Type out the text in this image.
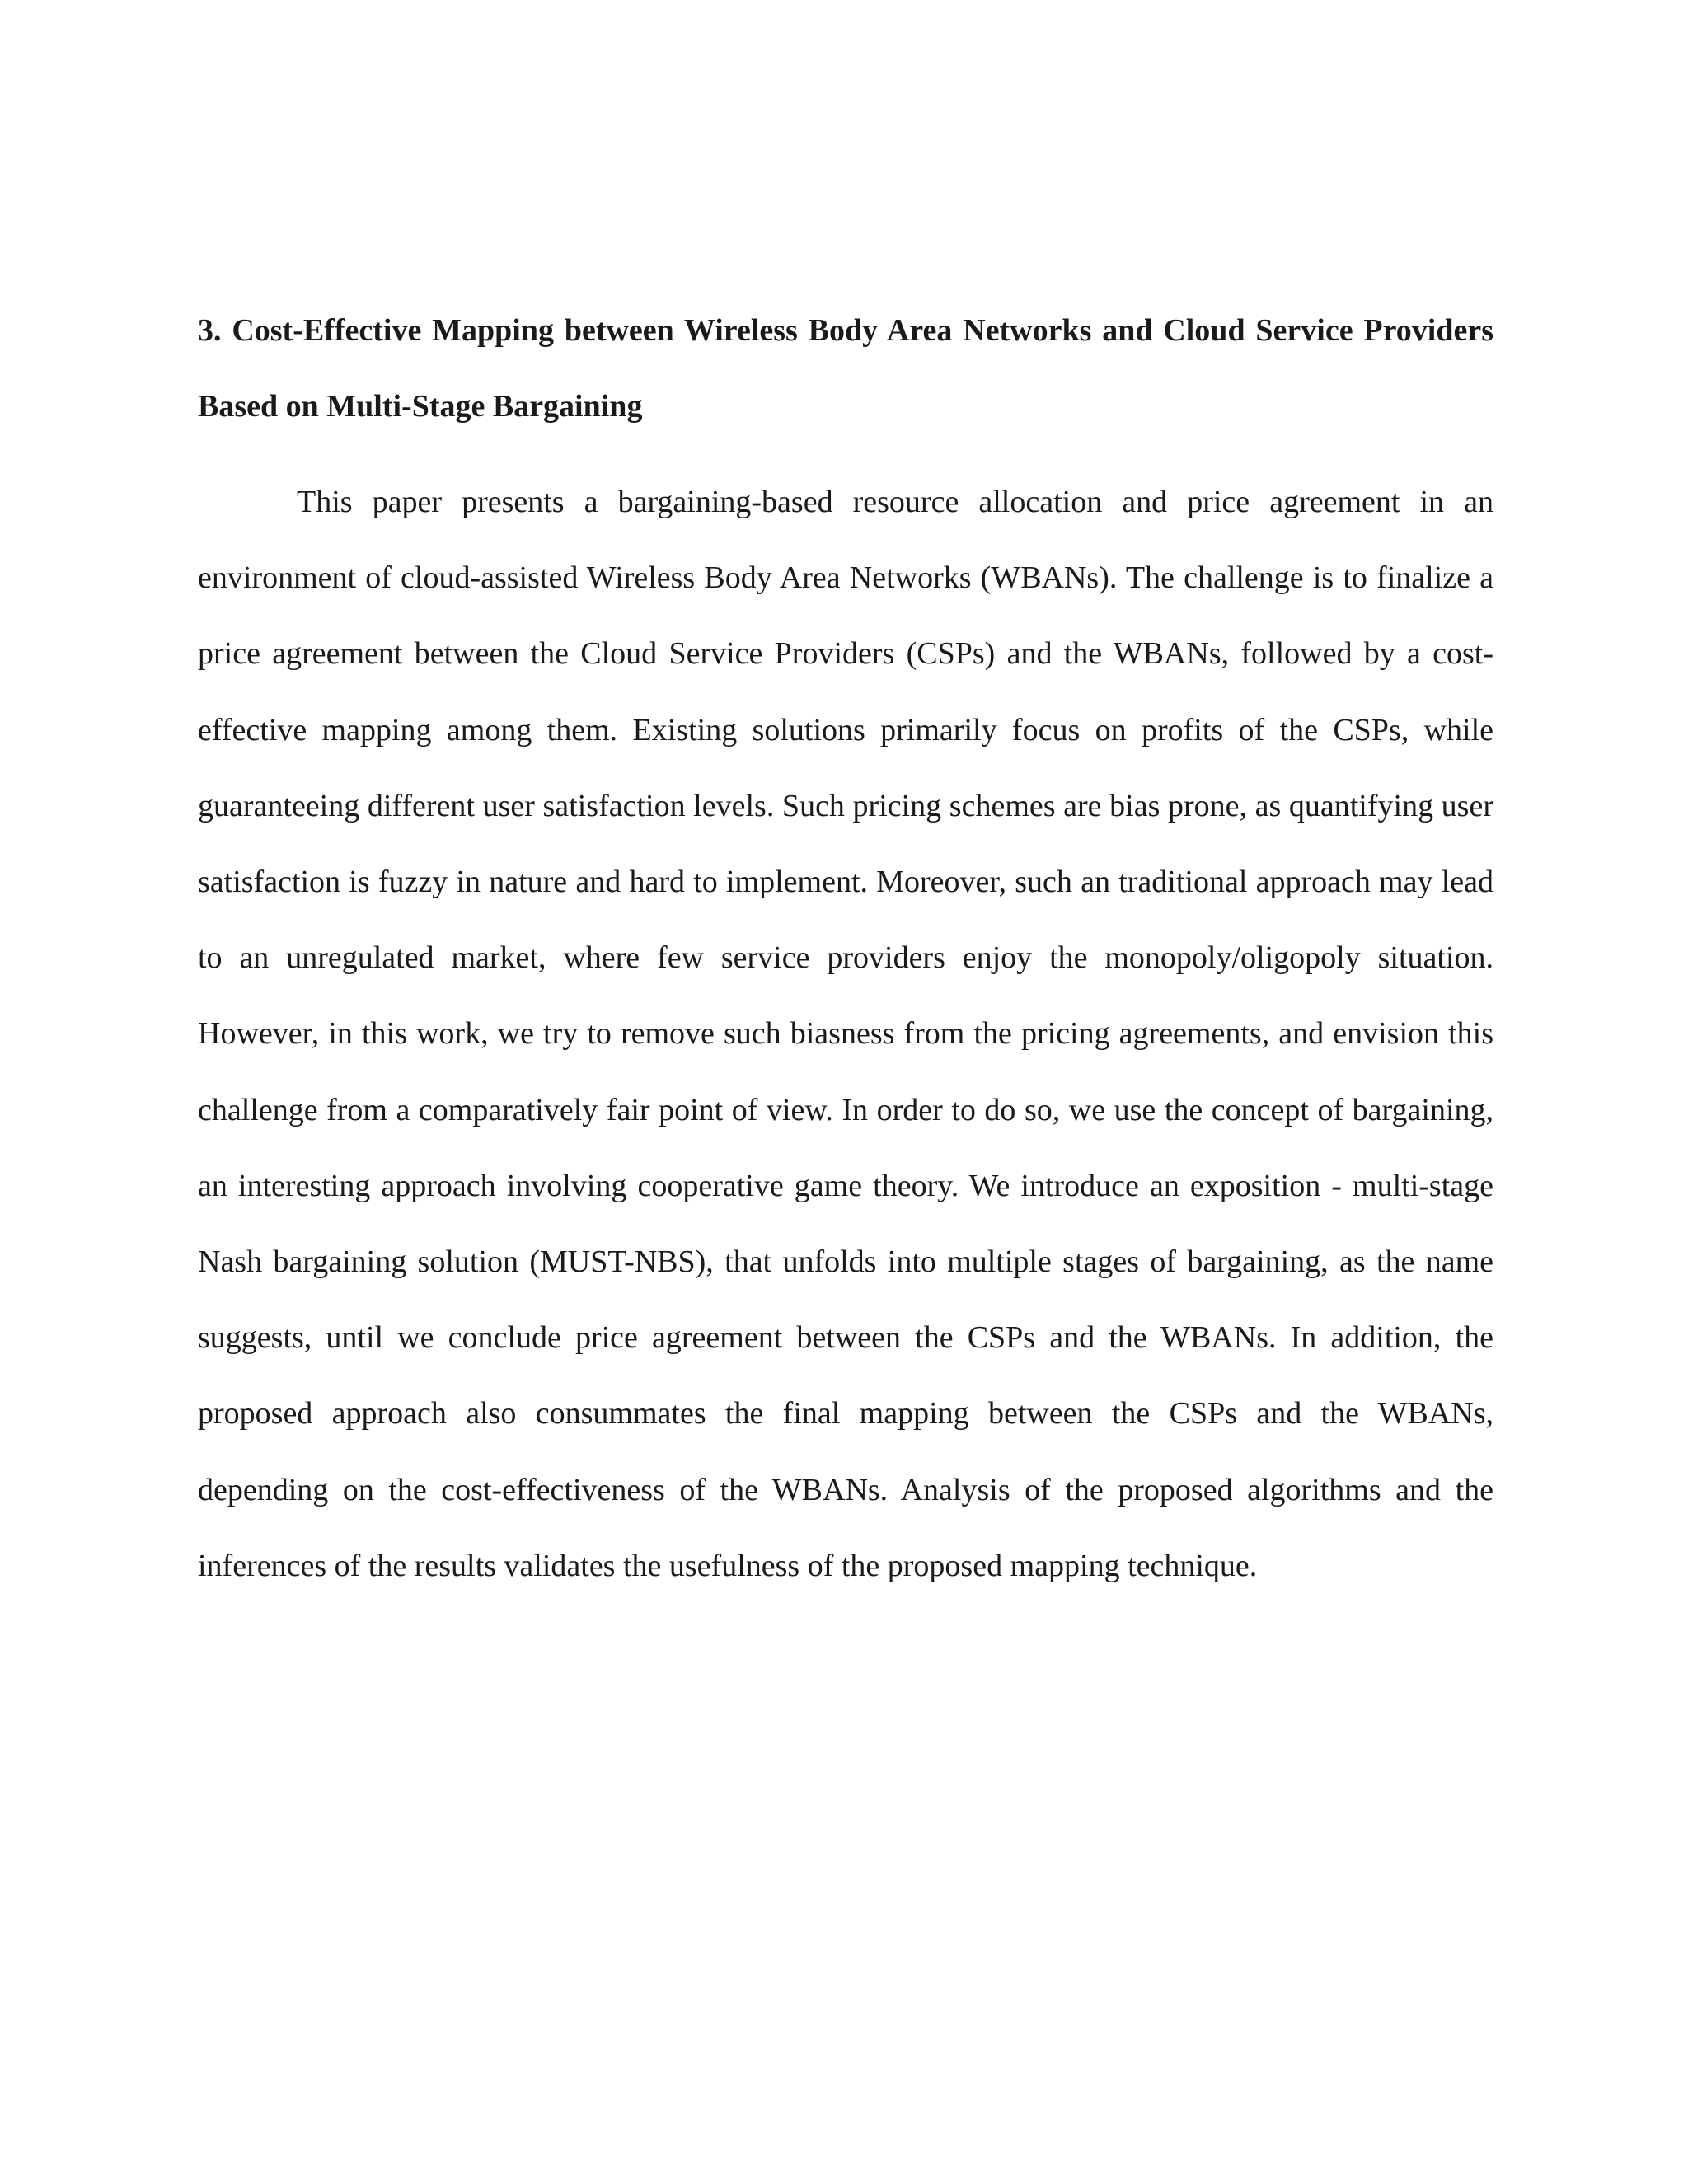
3. Cost-Effective Mapping between Wireless Body Area Networks and Cloud Service Providers Based on Multi-Stage Bargaining

This paper presents a bargaining-based resource allocation and price agreement in an environment of cloud-assisted Wireless Body Area Networks (WBANs). The challenge is to finalize a price agreement between the Cloud Service Providers (CSPs) and the WBANs, followed by a cost-effective mapping among them. Existing solutions primarily focus on profits of the CSPs, while guaranteeing different user satisfaction levels. Such pricing schemes are bias prone, as quantifying user satisfaction is fuzzy in nature and hard to implement. Moreover, such an traditional approach may lead to an unregulated market, where few service providers enjoy the monopoly/oligopoly situation. However, in this work, we try to remove such biasness from the pricing agreements, and envision this challenge from a comparatively fair point of view. In order to do so, we use the concept of bargaining, an interesting approach involving cooperative game theory. We introduce an exposition - multi-stage Nash bargaining solution (MUST-NBS), that unfolds into multiple stages of bargaining, as the name suggests, until we conclude price agreement between the CSPs and the WBANs. In addition, the proposed approach also consummates the final mapping between the CSPs and the WBANs, depending on the cost-effectiveness of the WBANs. Analysis of the proposed algorithms and the inferences of the results validates the usefulness of the proposed mapping technique.
